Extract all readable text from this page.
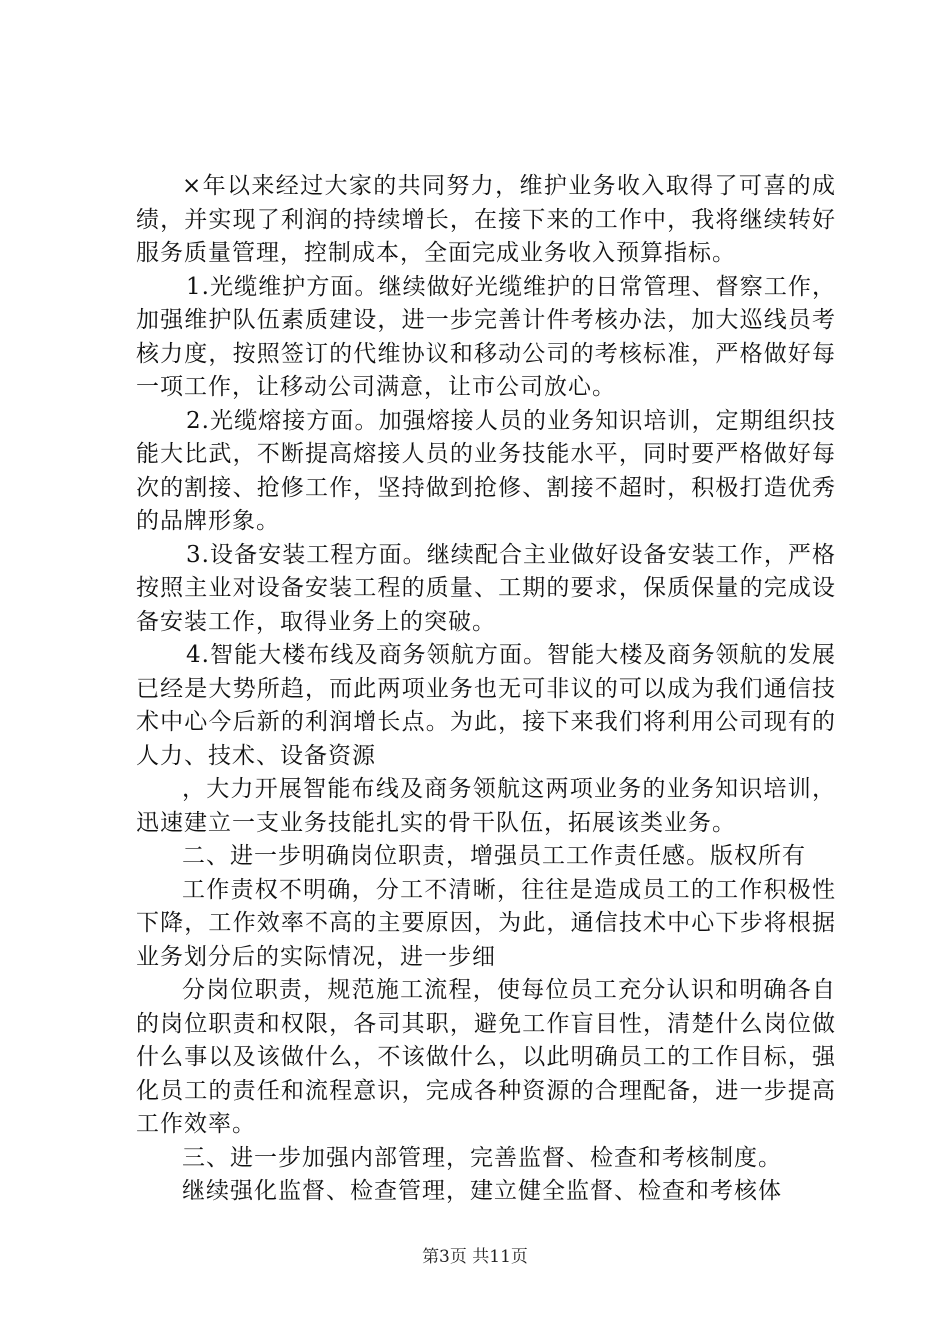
×年以来经过大家的共同努力，维护业务收入取得了可喜的成绩，并实现了利润的持续增长，在接下来的工作中，我将继续转好服务质量管理，控制成本，全面完成业务收入预算指标。

1.光缆维护方面。继续做好光缆维护的日常管理、督察工作，加强维护队伍素质建设，进一步完善计件考核办法，加大巡线员考核力度，按照签订的代维协议和移动公司的考核标准，严格做好每一项工作，让移动公司满意，让市公司放心。

2.光缆熔接方面。加强熔接人员的业务知识培训，定期组织技能大比武，不断提高熔接人员的业务技能水平，同时要严格做好每次的割接、抢修工作，坚持做到抢修、割接不超时，积极打造优秀的品牌形象。

3.设备安装工程方面。继续配合主业做好设备安装工作，严格按照主业对设备安装工程的质量、工期的要求，保质保量的完成设备安装工作，取得业务上的突破。

4.智能大楼布线及商务领航方面。智能大楼及商务领航的发展已经是大势所趋，而此两项业务也无可非议的可以成为我们通信技术中心今后新的利润增长点。为此，接下来我们将利用公司现有的人力、技术、设备资源

，大力开展智能布线及商务领航这两项业务的业务知识培训，迅速建立一支业务技能扎实的骨干队伍，拓展该类业务。

二、进一步明确岗位职责，增强员工工作责任感。版权所有

工作责权不明确，分工不清晰，往往是造成员工的工作积极性下降，工作效率不高的主要原因，为此，通信技术中心下步将根据业务划分后的实际情况，进一步细

分岗位职责，规范施工流程，使每位员工充分认识和明确各自的岗位职责和权限，各司其职，避免工作盲目性，清楚什么岗位做什么事以及该做什么，不该做什么，以此明确员工的工作目标，强化员工的责任和流程意识，完成各种资源的合理配备，进一步提高工作效率。

三、进一步加强内部管理，完善监督、检查和考核制度。

继续强化监督、检查管理，建立健全监督、检查和考核体

第3页 共11页
